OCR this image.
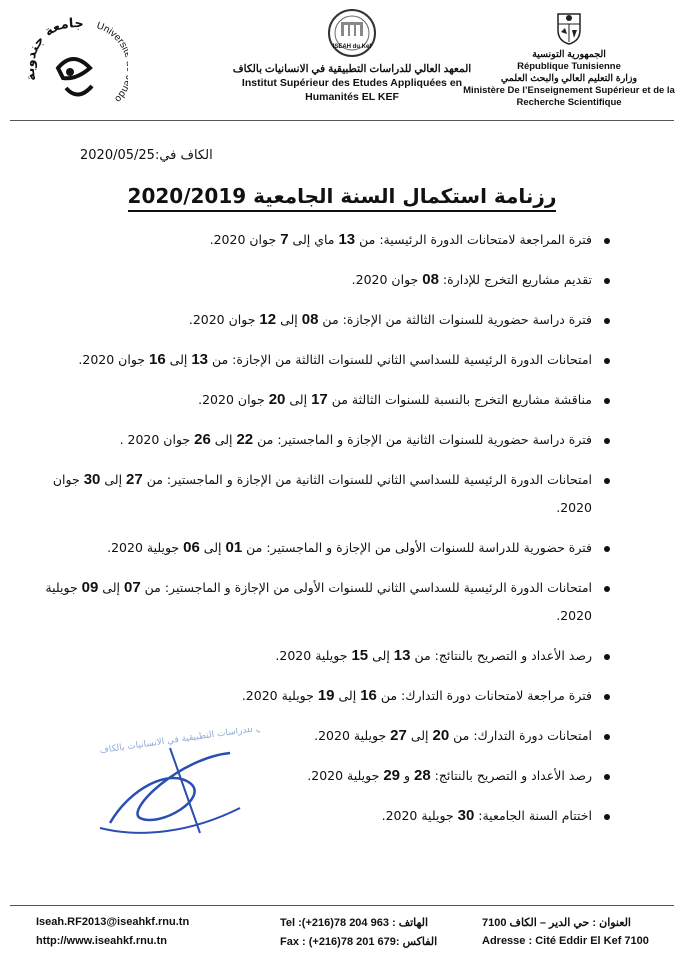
جامعة جندوبة	Univers do
ISEAH du Kef
المعهد العالي للدراسات التطبيقية في الانسانيات بالكاف
Institut Supérieur des Etudes Appliquées en
Humanités EL KEF
الجمهورية التونسية
République Tunisienne
وزارة التعليم العالي والبحث العلمي
Ministère De l’Enseignement Supérieur et de la
Recherche Scientifique
الكاف في:2020/05/25
رزنامة استكمال السنة الجامعية 2020/2019
فترة المراجعة لامتحانات الدورة الرئيسية: من 13 ماي إلى 7 جوان 2020.
تقديم مشاريع التخرج للإدارة: 08 جوان 2020.
فترة دراسة حضورية للسنوات الثالثة من الإجازة: من 08 إلى 12 جوان 2020.
امتحانات الدورة الرئيسية للسداسي الثاني للسنوات الثالثة من الإجازة: من 13 إلى 16 جوان 2020.
مناقشة مشاريع التخرج بالنسبة للسنوات الثالثة من 17 إلى 20 جوان 2020.
فترة دراسة حضورية للسنوات الثانية من الإجازة و الماجستير: من 22 إلى 26 جوان 2020 .
امتحانات الدورة الرئيسية للسداسي الثاني للسنوات الثانية من الإجازة و الماجستير: من 27 إلى 30 جوان 2020.
فترة حضورية للدراسة للسنوات الأولى من الإجازة و الماجستير: من 01 إلى 06 جويلية 2020.
امتحانات الدورة الرئيسية للسداسي الثاني للسنوات الأولى من الإجازة و الماجستير: من 07 إلى 09 جويلية 2020.
رصد الأعداد و التصريح بالنتائج: من 13 إلى 15 جويلية 2020.
فترة مراجعة لامتحانات دورة التدارك: من 16 إلى 19 جويلية 2020.
امتحانات دورة التدارك: من 20 إلى 27 جويلية 2020.
رصد الأعداد و التصريح بالنتائج: 28 و 29 جويلية 2020.
اختتام السنة الجامعية: 30 جويلية 2020.
للدراسات التطبيقية في الانسانيات بالكاف
Iseah.RF2013@iseahkf.rnu.tn
http://www.iseahkf.rnu.tn
Tel :(+216)78 204 963 : الهاتف
Fax : (+216)78 201 679: الفاكس
العنوان : حي الدير – الكاف 7100
Adresse : Cité Eddir El Kef 7100
